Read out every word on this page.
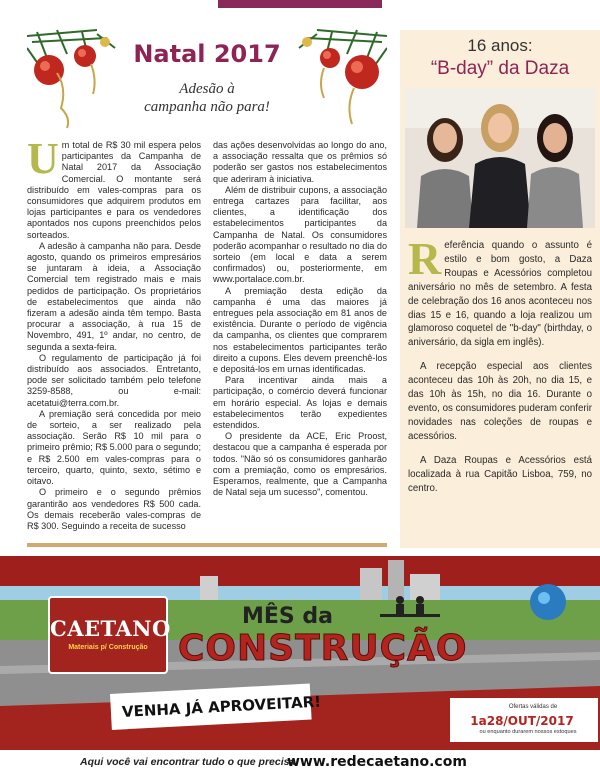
Natal 2017
Adesão à
campanha não para!

Um total de R$ 30 mil espera pelos participantes da Campanha de Natal 2017 da Associação Comercial. O montante será distribuído em vales-compras para os consumidores que adquirem produtos em lojas participantes e para os vendedores apontados nos cupons preenchidos pelos sorteados.

A adesão à campanha não para. Desde agosto, quando os primeiros empresários se juntaram à ideia, a Associação Comercial tem registrado mais e mais pedidos de participação. Os proprietários de estabelecimentos que ainda não fizeram a adesão ainda têm tempo. Basta procurar a associação, à rua 15 de Novembro, 491, 1º andar, no centro, de segunda a sexta-feira.

O regulamento de participação já foi distribuído aos associados. Entretanto, pode ser solicitado também pelo telefone 3259-8588, ou e-mail: acetatui@terra.com.br.

A premiação será concedida por meio de sorteio, a ser realizado pela associação. Serão R$ 10 mil para o primeiro prêmio; R$ 5.000 para o segundo; e R$ 2.500 em vales-compras para o terceiro, quarto, quinto, sexto, sétimo e oitavo.

O primeiro e o segundo prêmios garantirão aos vendedores R$ 500 cada. Os demais receberão vales-compras de R$ 300. Seguindo a receita de sucesso

das ações desenvolvidas ao longo do ano, a associação ressalta que os prêmios só poderão ser gastos nos estabelecimentos que aderiram à iniciativa.

Além de distribuir cupons, a associação entrega cartazes para facilitar, aos clientes, a identificação dos estabelecimentos participantes da Campanha de Natal. Os consumidores poderão acompanhar o resultado no dia do sorteio (em local e data a serem confirmados) ou, posteriormente, em www.portalace.com.br.

A premiação desta edição da campanha é uma das maiores já entregues pela associação em 81 anos de existência. Durante o período de vigência da campanha, os clientes que comprarem nos estabelecimentos participantes terão direito a cupons. Eles devem preenchê-los e depositá-los em urnas identificadas.

Para incentivar ainda mais a participação, o comércio deverá funcionar em horário especial. As lojas e demais estabelecimentos terão expedientes estendidos.

O presidente da ACE, Eric Proost, destacou que a campanha é esperada por todos. "Não só os consumidores ganharão com a premiação, como os empresários. Esperamos, realmente, que a Campanha de Natal seja um sucesso", comentou.

16 anos:
“B-day” da Daza

Referência quando o assunto é estilo e bom gosto, a Daza Roupas e Acessórios completou aniversário no mês de setembro. A festa de celebração dos 16 anos aconteceu nos dias 15 e 16, quando a loja realizou um glamoroso coquetel de "b-day" (birthday, o aniversário, da sigla em inglês).

A recepção especial aos clientes aconteceu das 10h às 20h, no dia 15, e das 10h às 15h, no dia 16. Durante o evento, os consumidores puderam conferir novidades nas coleções de roupas e acessórios.

A Daza Roupas e Acessórios está localizada à rua Capitão Lisboa, 759, no centro.

CAETANO
Materiais p/ Construção
MÊS da
CONSTRUÇÃO
VENHA JÁ APROVEITAR!	Ofertas válidas de
1a28/OUT/2017
ou enquanto durarem nossos estoques
Aqui você vai encontrar tudo o que precisa!
www.redecaetano.com
